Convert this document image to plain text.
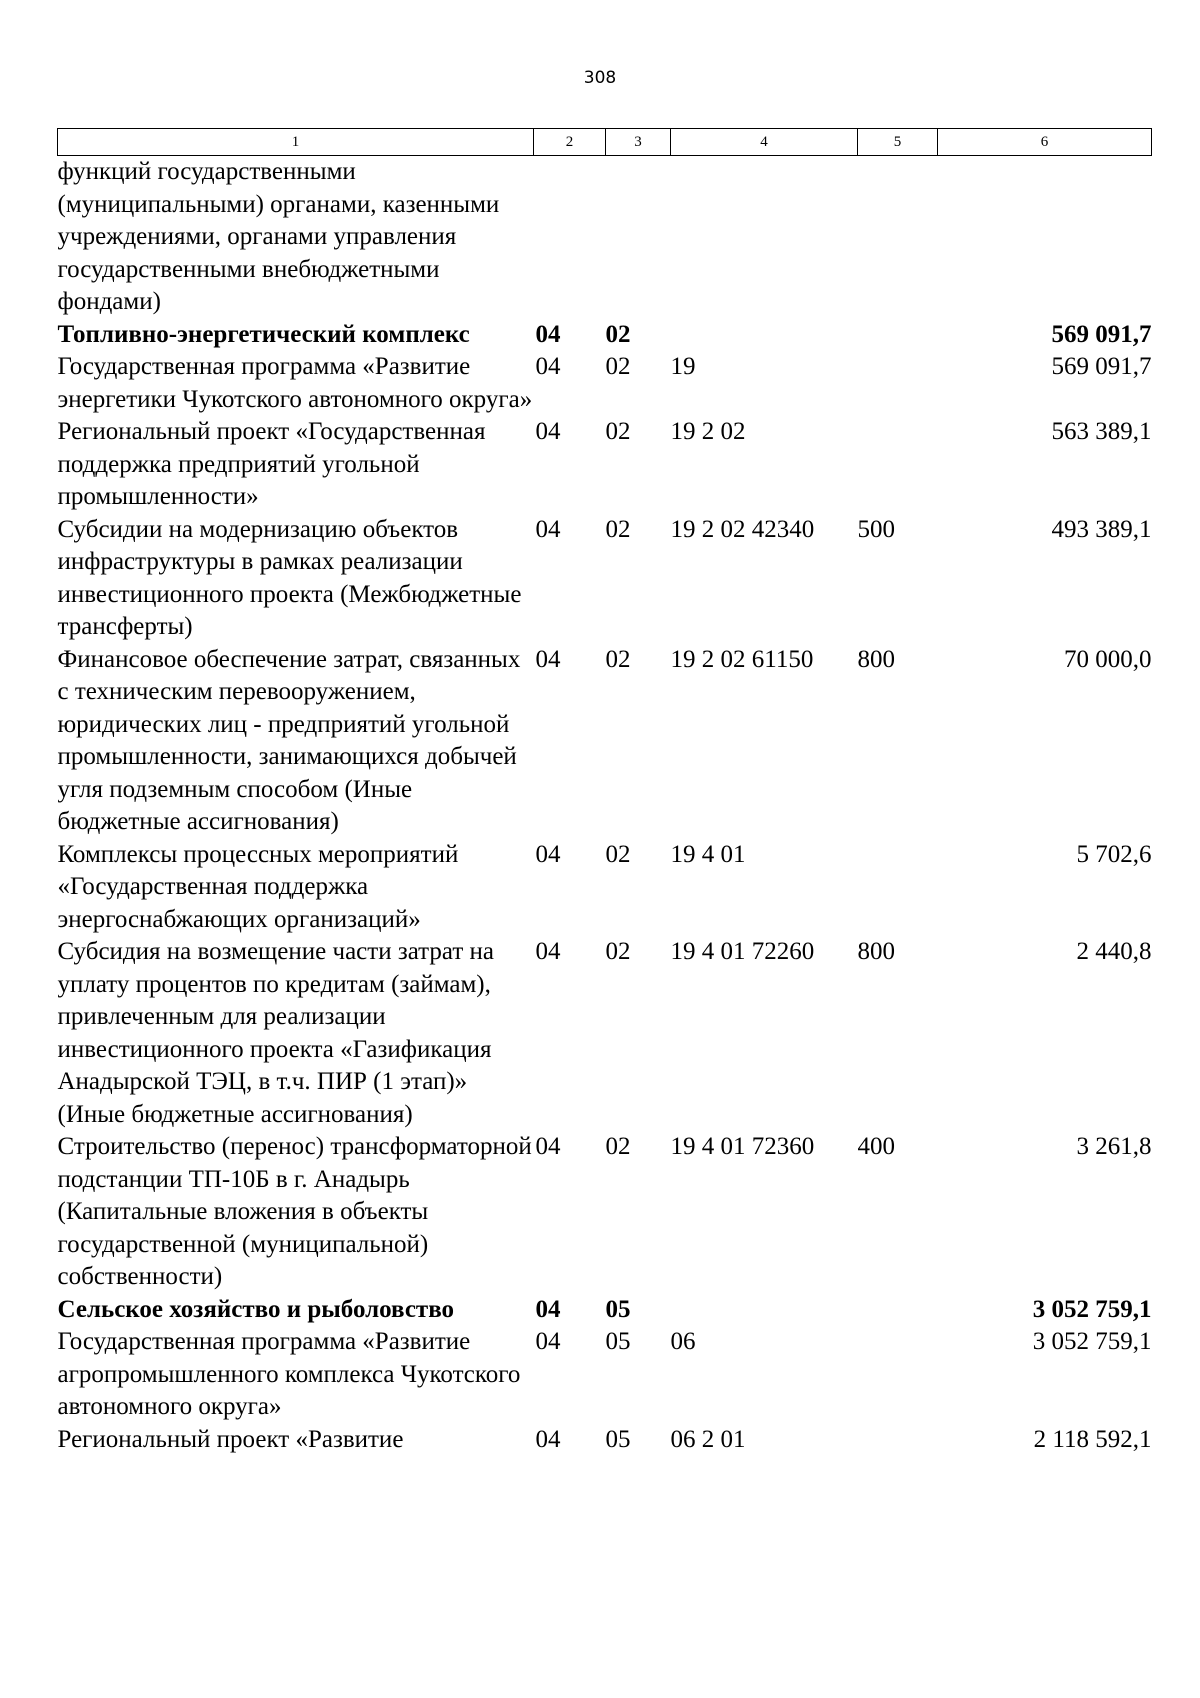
308
1	2	3	4	5	6
функций государственными (муниципальными) органами, казенными учреждениями, органами управления государственными внебюджетными фондами)					
Топливно-энергетический комплекс	04	02			569 091,7
Государственная программа «Развитие энергетики Чукотского автономного округа»	04	02	19		569 091,7
Региональный проект «Государственная поддержка предприятий угольной промышленности»	04	02	19 2 02		563 389,1
Субсидии на модернизацию объектов инфраструктуры в рамках реализации инвестиционного проекта (Межбюджетные трансферты)	04	02	19 2 02 42340	500	493 389,1
Финансовое обеспечение затрат, связанных с техническим перевооружением, юридических лиц - предприятий угольной промышленности, занимающихся добычей угля подземным способом (Иные бюджетные ассигнования)	04	02	19 2 02 61150	800	70 000,0
Комплексы процессных мероприятий «Государственная поддержка энергоснабжающих организаций»	04	02	19 4 01		5 702,6
Субсидия на возмещение части затрат на уплату процентов по кредитам (займам), привлеченным для реализации инвестиционного проекта «Газификация Анадырской ТЭЦ, в т.ч. ПИР (1 этап)» (Иные бюджетные ассигнования)	04	02	19 4 01 72260	800	2 440,8
Строительство (перенос) трансформаторной подстанции ТП-10Б в г. Анадырь (Капитальные вложения в объекты государственной (муниципальной) собственности)	04	02	19 4 01 72360	400	3 261,8
Сельское хозяйство и рыболовство	04	05			3 052 759,1
Государственная программа «Развитие агропромышленного комплекса Чукотского автономного округа»	04	05	06		3 052 759,1
Региональный проект «Развитие	04	05	06 2 01		2 118 592,1
